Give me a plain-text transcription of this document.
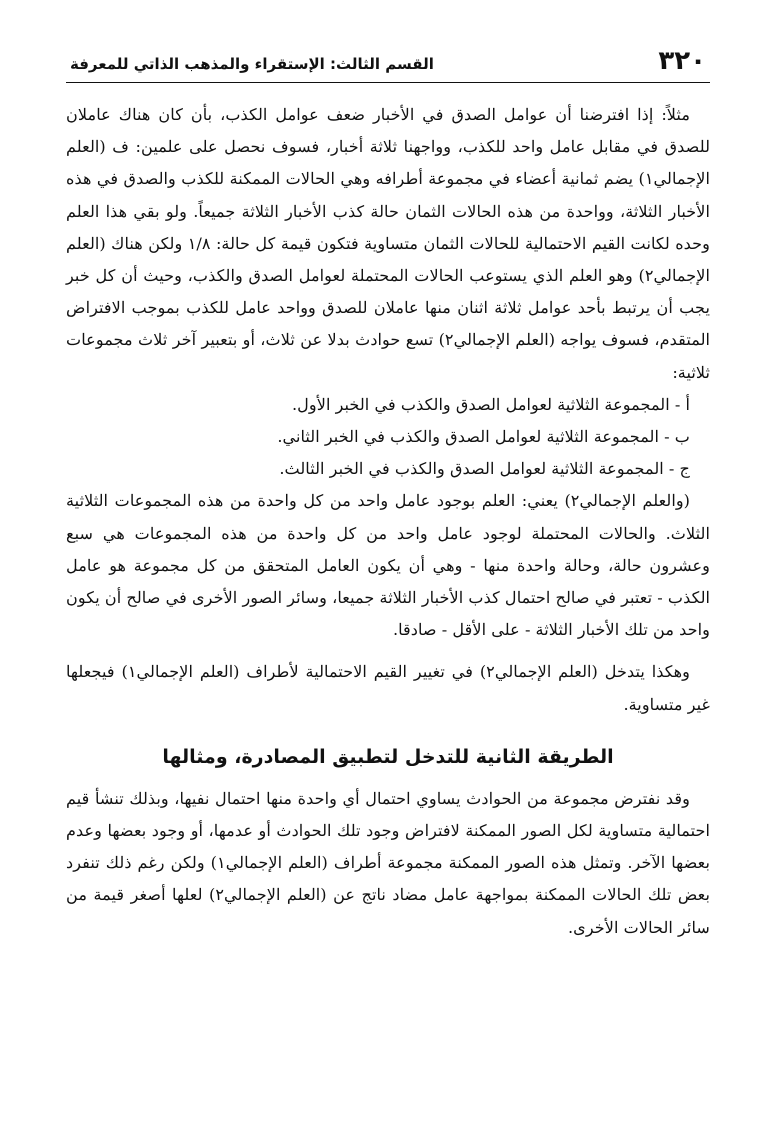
٣٢٠
القسم الثالث: الإستقراء والمذهب الذاتي للمعرفة

مثلاً: إذا افترضنا أن عوامل الصدق في الأخبار ضعف عوامل الكذب، بأن كان هناك عاملان للصدق في مقابل عامل واحد للكذب، وواجهنا ثلاثة أخبار، فسوف نحصل على علمين: ف (العلم الإجمالي١) يضم ثمانية أعضاء في مجموعة أطرافه وهي الحالات الممكنة للكذب والصدق في هذه الأخبار الثلاثة، وواحدة من هذه الحالات الثمان حالة كذب الأخبار الثلاثة جميعاً. ولو بقي هذا العلم وحده لكانت القيم الاحتمالية للحالات الثمان متساوية فتكون قيمة كل حالة: ١/٨ ولكن هناك (العلم الإجمالي٢) وهو العلم الذي يستوعب الحالات المحتملة لعوامل الصدق والكذب، وحيث أن كل خبر يجب أن يرتبط بأحد عوامل ثلاثة اثنان منها عاملان للصدق وواحد عامل للكذب بموجب الافتراض المتقدم، فسوف يواجه (العلم الإجمالي٢) تسع حوادث بدلا عن ثلاث، أو بتعبير آخر ثلاث مجموعات ثلاثية:

أ - المجموعة الثلاثية لعوامل الصدق والكذب في الخبر الأول.
ب - المجموعة الثلاثية لعوامل الصدق والكذب في الخبر الثاني.
ج - المجموعة الثلاثية لعوامل الصدق والكذب في الخبر الثالث.

(والعلم الإجمالي٢) يعني: العلم بوجود عامل واحد من كل واحدة من هذه المجموعات الثلاثية الثلاث. والحالات المحتملة لوجود عامل واحد من كل واحدة من هذه المجموعات هي سبع وعشرون حالة، وحالة واحدة منها - وهي أن يكون العامل المتحقق من كل مجموعة هو عامل الكذب - تعتبر في صالح احتمال كذب الأخبار الثلاثة جميعا، وسائر الصور الأخرى في صالح أن يكون واحد من تلك الأخبار الثلاثة - على الأقل - صادقا.

وهكذا يتدخل (العلم الإجمالي٢) في تغيير القيم الاحتمالية لأطراف (العلم الإجمالي١) فيجعلها غير متساوية.

الطريقة الثانية للتدخل لتطبيق المصادرة، ومثالها

وقد نفترض مجموعة من الحوادث يساوي احتمال أي واحدة منها احتمال نفيها، وبذلك تنشأ قيم احتمالية متساوية لكل الصور الممكنة لافتراض وجود تلك الحوادث أو عدمها، أو وجود بعضها وعدم بعضها الآخر. وتمثل هذه الصور الممكنة مجموعة أطراف (العلم الإجمالي١) ولكن رغم ذلك تنفرد بعض تلك الحالات الممكنة بمواجهة عامل مضاد ناتج عن (العلم الإجمالي٢) لعلها أصغر قيمة من سائر الحالات الأخرى.
